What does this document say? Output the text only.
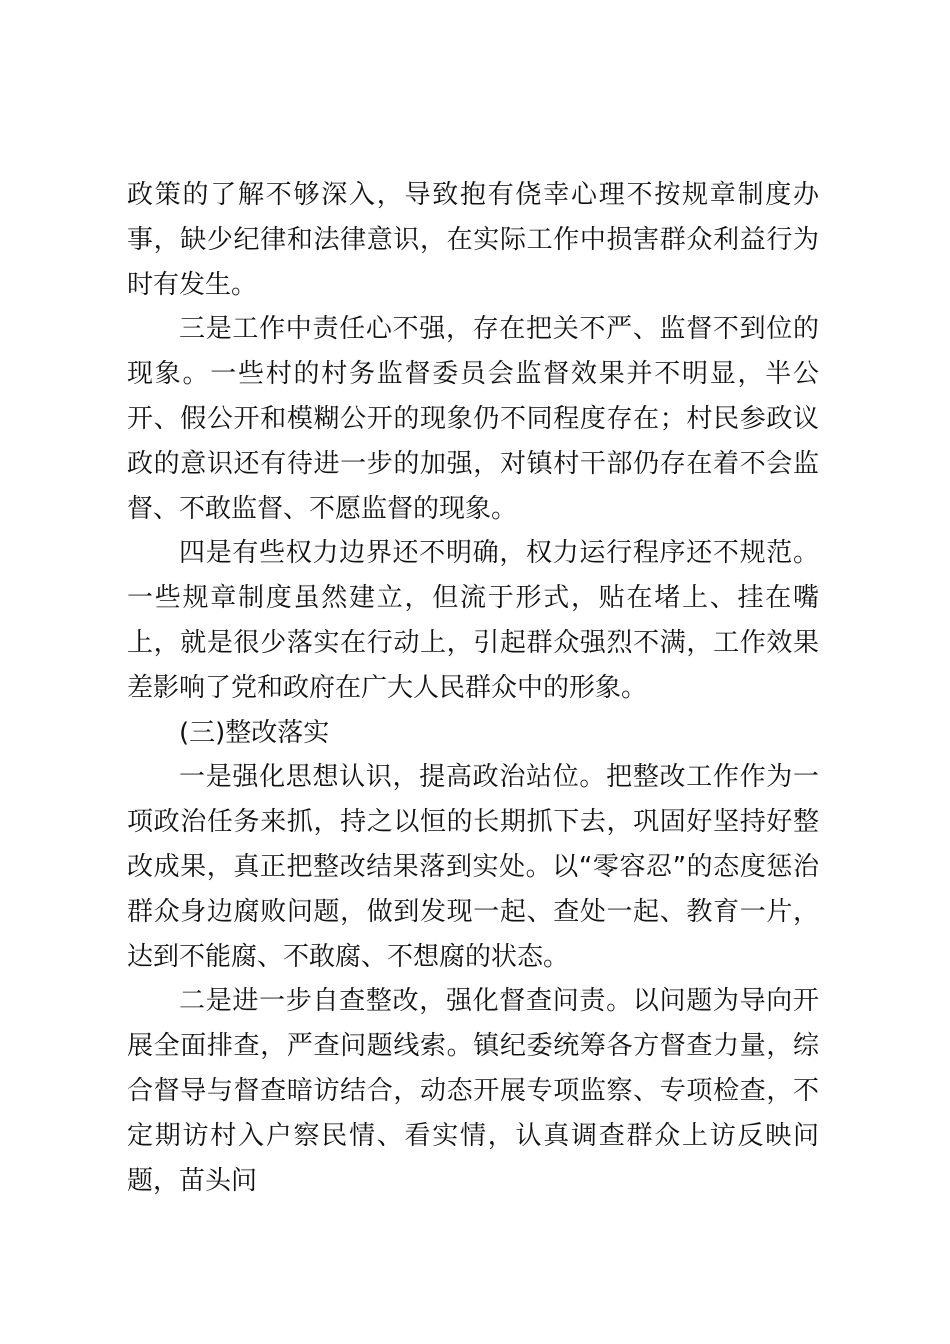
政策的了解不够深入，导致抱有侥幸心理不按规章制度办事，缺少纪律和法律意识，在实际工作中损害群众利益行为时有发生。

三是工作中责任心不强，存在把关不严、监督不到位的现象。一些村的村务监督委员会监督效果并不明显，半公开、假公开和模糊公开的现象仍不同程度存在；村民参政议政的意识还有待进一步的加强，对镇村干部仍存在着不会监督、不敢监督、不愿监督的现象。

四是有些权力边界还不明确，权力运行程序还不规范。一些规章制度虽然建立，但流于形式，贴在堵上、挂在嘴上，就是很少落实在行动上，引起群众强烈不满，工作效果差影响了党和政府在广大人民群众中的形象。

(三)整改落实

一是强化思想认识，提高政治站位。把整改工作作为一项政治任务来抓，持之以恒的长期抓下去，巩固好坚持好整改成果，真正把整改结果落到实处。以“零容忍”的态度惩治群众身边腐败问题，做到发现一起、查处一起、教育一片，达到不能腐、不敢腐、不想腐的状态。

二是进一步自查整改，强化督查问责。以问题为导向开展全面排查，严查问题线索。镇纪委统筹各方督查力量，综合督导与督查暗访结合，动态开展专项监察、专项检查，不定期访村入户察民情、看实情，认真调查群众上访反映问题，苗头问
